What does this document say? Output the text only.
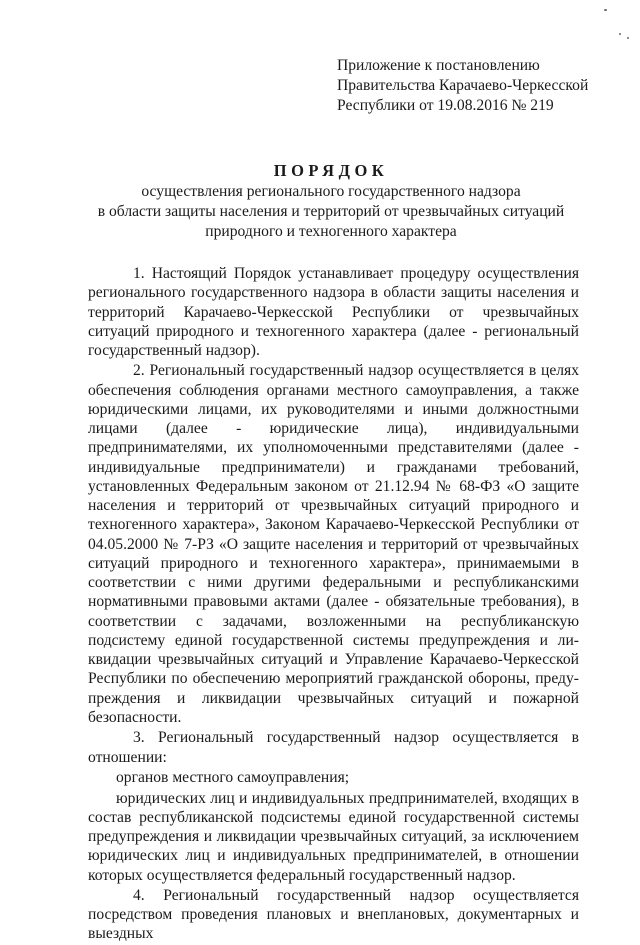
Приложение к постановлению
Правительства Карачаево-Черкесской
Республики от 19.08.2016 № 219
ПОРЯДОК
осуществления регионального государственного надзора
в области защиты населения и территорий от чрезвычайных ситуаций
природного и техногенного характера

1. Настоящий Порядок устанавливает процедуру осуществления регионального государственного надзора в области защиты населения и территорий Карачаево-Черкесской Республики от чрезвычайных ситуаций природного и техногенного характера (далее - региональный государственный надзор).

2. Региональный государственный надзор осуществляется в целях обеспечения соблюдения органами местного самоуправления, а также юридическими лицами, их руководителями и иными должностными лицами (далее - юридические лица), индивидуальными предпринимателями, их уполномоченными представителями (далее - индивидуальные предприниматели) и гражданами требований, установленных Федеральным законом от 21.12.94 № 68-ФЗ «О защите населения и территорий от чрезвычайных ситуаций природного и техногенного характера», Законом Карачаево-Черкесской Республики от 04.05.2000 № 7-РЗ «О защите населения и территорий от чрезвычайных ситуаций природного и техногенного характера», принимаемыми в соответствии с ними другими федеральными и республиканскими нормативными правовыми актами (далее - обязательные требования), в соответствии с задачами, возложенными на республиканскую подсистему единой государственной системы предупреждения и ликвидации чрезвычайных ситуаций и Управление Карачаево-Черкесской Республики по обеспечению мероприятий гражданской обороны, предупреждения и ликвидации чрезвычайных ситуаций и пожарной безопасности.

3. Региональный государственный надзор осуществляется в отношении:

органов местного самоуправления;

юридических лиц и индивидуальных предпринимателей, входящих в состав республиканской подсистемы единой государственной системы предупреждения и ликвидации чрезвычайных ситуаций, за исключением юридических лиц и индивидуальных предпринимателей, в отношении которых осуществляется федеральный государственный надзор.

4. Региональный государственный надзор осуществляется посредством проведения плановых и внеплановых, документарных и выездных
